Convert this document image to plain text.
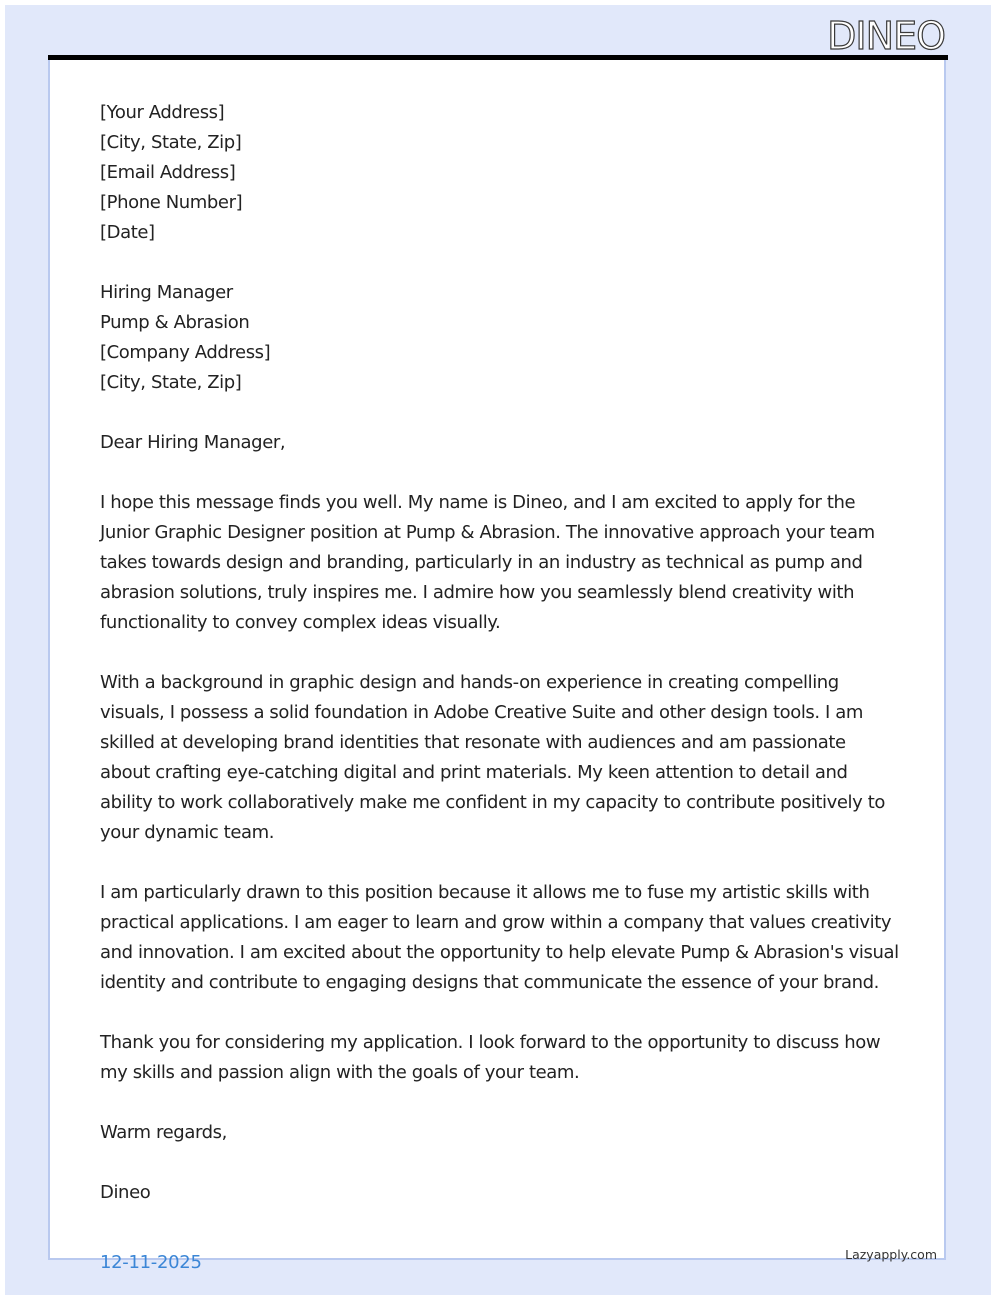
DINEO
[Your Address]
[City, State, Zip]
[Email Address]
[Phone Number]
[Date]
Hiring Manager
Pump & Abrasion
[Company Address]
[City, State, Zip]
Dear Hiring Manager,
I hope this message finds you well. My name is Dineo, and I am excited to apply for the Junior Graphic Designer position at Pump & Abrasion. The innovative approach your team takes towards design and branding, particularly in an industry as technical as pump and abrasion solutions, truly inspires me. I admire how you seamlessly blend creativity with functionality to convey complex ideas visually.
With a background in graphic design and hands-on experience in creating compelling visuals, I possess a solid foundation in Adobe Creative Suite and other design tools. I am skilled at developing brand identities that resonate with audiences and am passionate about crafting eye-catching digital and print materials. My keen attention to detail and ability to work collaboratively make me confident in my capacity to contribute positively to your dynamic team.
I am particularly drawn to this position because it allows me to fuse my artistic skills with practical applications. I am eager to learn and grow within a company that values creativity and innovation. I am excited about the opportunity to help elevate Pump & Abrasion's visual identity and contribute to engaging designs that communicate the essence of your brand.
Thank you for considering my application. I look forward to the opportunity to discuss how my skills and passion align with the goals of your team.
Warm regards,
Dineo
12-11-2025	Lazyapply.com
